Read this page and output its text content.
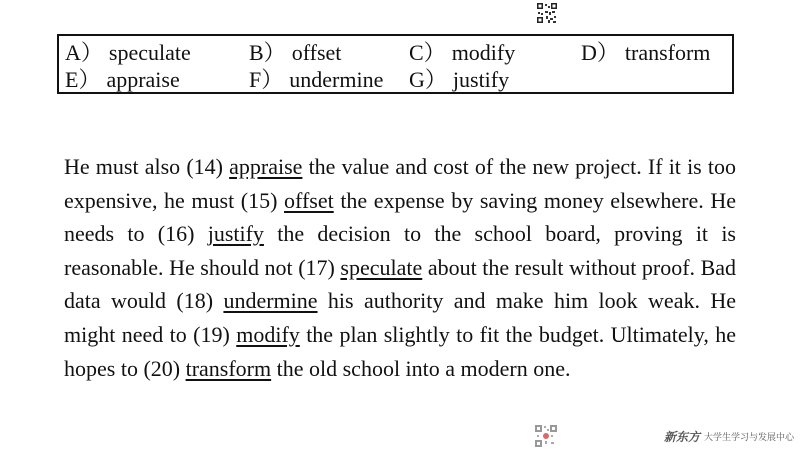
A） speculate	B） offset	C） modify	D） transform
E） appraise	F） undermine G） justify
He must also (14) appraise the value and cost of the new project. If it is too expensive, he must (15) offset the expense by saving money elsewhere. He needs to (16) justify the decision to the school board, proving it is reasonable. He should not (17) speculate about the result without proof. Bad data would (18) undermine his authority and make him look weak. He might need to (19) modify the plan slightly to fit the budget. Ultimately, he hopes to (20) transform the old school into a modern one.
新东方 大学生学习与发展中心
